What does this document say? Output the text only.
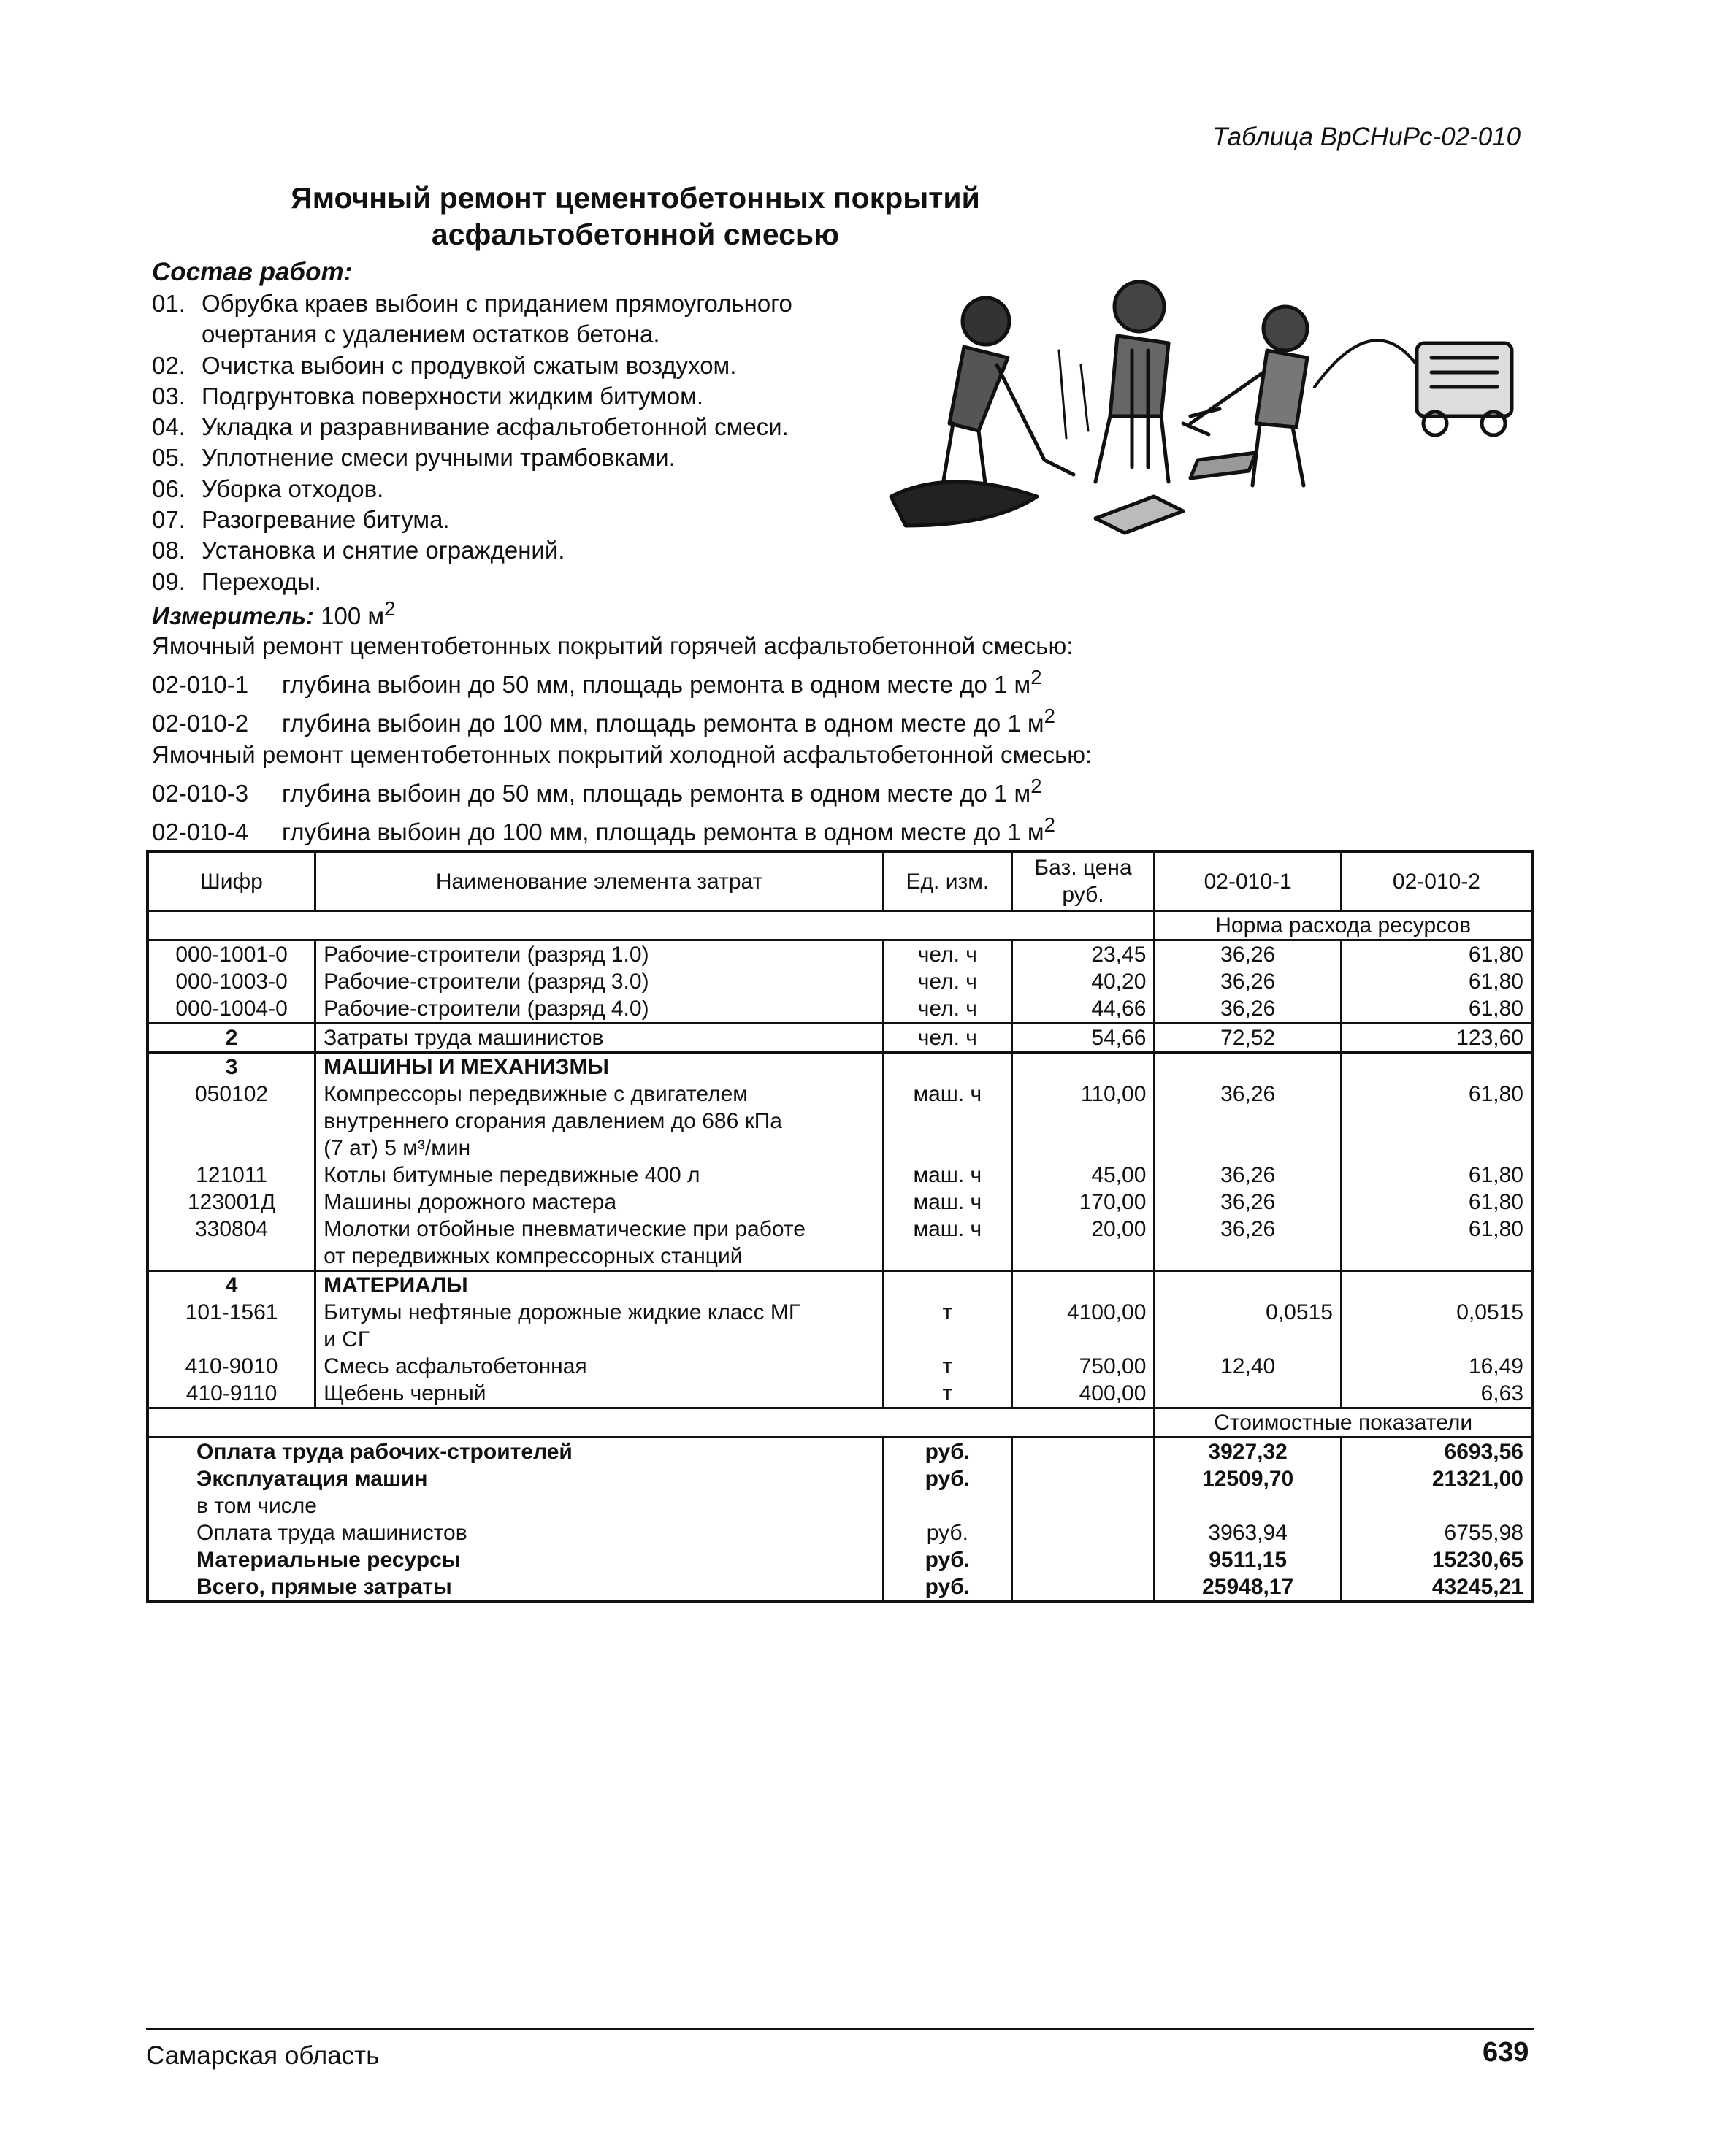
Таблица ВрСНиРс-02-010
Ямочный ремонт цементобетонных покрытий
асфальтобетонной смесью
Состав работ:
01. Обрубка краев выбоин с приданием прямоугольного
очертания с удалением остатков бетона.
02. Очистка выбоин с продувкой сжатым воздухом.
03. Подгрунтовка поверхности жидким битумом.
04. Укладка и разравнивание асфальтобетонной смеси.
05. Уплотнение смеси ручными трамбовками.
06. Уборка отходов.
07. Разогревание битума.
08. Установка и снятие ограждений.
09. Переходы.
Измеритель: 100 $м^2$
Ямочный ремонт цементобетонных покрытий горячей асфальтобетонной смесью:
02-010-1 глубина выбоин до 50 мм, площадь ремонта в одном месте до 1 $м^2$
02-010-2 глубина выбоин до 100 мм, площадь ремонта в одном месте до 1 $м^2$
Ямочный ремонт цементобетонных покрытий холодной асфальтобетонной смесью:
02-010-3 глубина выбоин до 50 мм, площадь ремонта в одном месте до 1 $м^2$
02-010-4 глубина выбоин до 100 мм, площадь ремонта в одном месте до 1 $м^2$
Шифр	Наименование элемента затрат	Ед. изм.	Баз. цена руб.	02-010-1	02-010-2
				Норма расхода ресурсов	
000-1001-0	Рабочие-строители (разряд 1.0)	чел. ч	23,45	36,26	61,80
000-1003-0	Рабочие-строители (разряд 3.0)	чел. ч	40,20	36,26	61,80
000-1004-0	Рабочие-строители (разряд 4.0)	чел. ч	44,66	36,26	61,80
2	Затраты труда машинистов	чел. ч	54,66	72,52	123,60
3	МАШИНЫ И МЕХАНИЗМЫ				
050102	Компрессоры передвижные с двигателем
внутреннего сгорания давлением до 686 кПа
(7 ат) 5 м³/мин	маш. ч	110,00	36,26	61,80
121011	Котлы битумные передвижные 400 л	маш. ч	45,00	36,26	61,80
123001Д	Машины дорожного мастера	маш. ч	170,00	36,26	61,80
330804	Молотки отбойные пневматические при работе
от передвижных компрессорных станций	маш. ч	20,00	36,26	61,80
4	МАТЕРИАЛЫ				
101-1561	Битумы нефтяные дорожные жидкие класс МГ
и СГ	т	4100,00	0,0515	0,0515
410-9010	Смесь асфальтобетонная	т	750,00	12,40	16,49
410-9110	Щебень черный	т	400,00		6,63
				Стоимостные показатели	
Оплата труда рабочих-строителей		руб.		3927,32	6693,56
Эксплуатация машин		руб.		12509,70	21321,00
в том числе					
Оплата труда машинистов		руб.		3963,94	6755,98
Материальные ресурсы		руб.		9511,15	15230,65
Всего, прямые затраты		руб.		25948,17	43245,21
Самарская область	639
